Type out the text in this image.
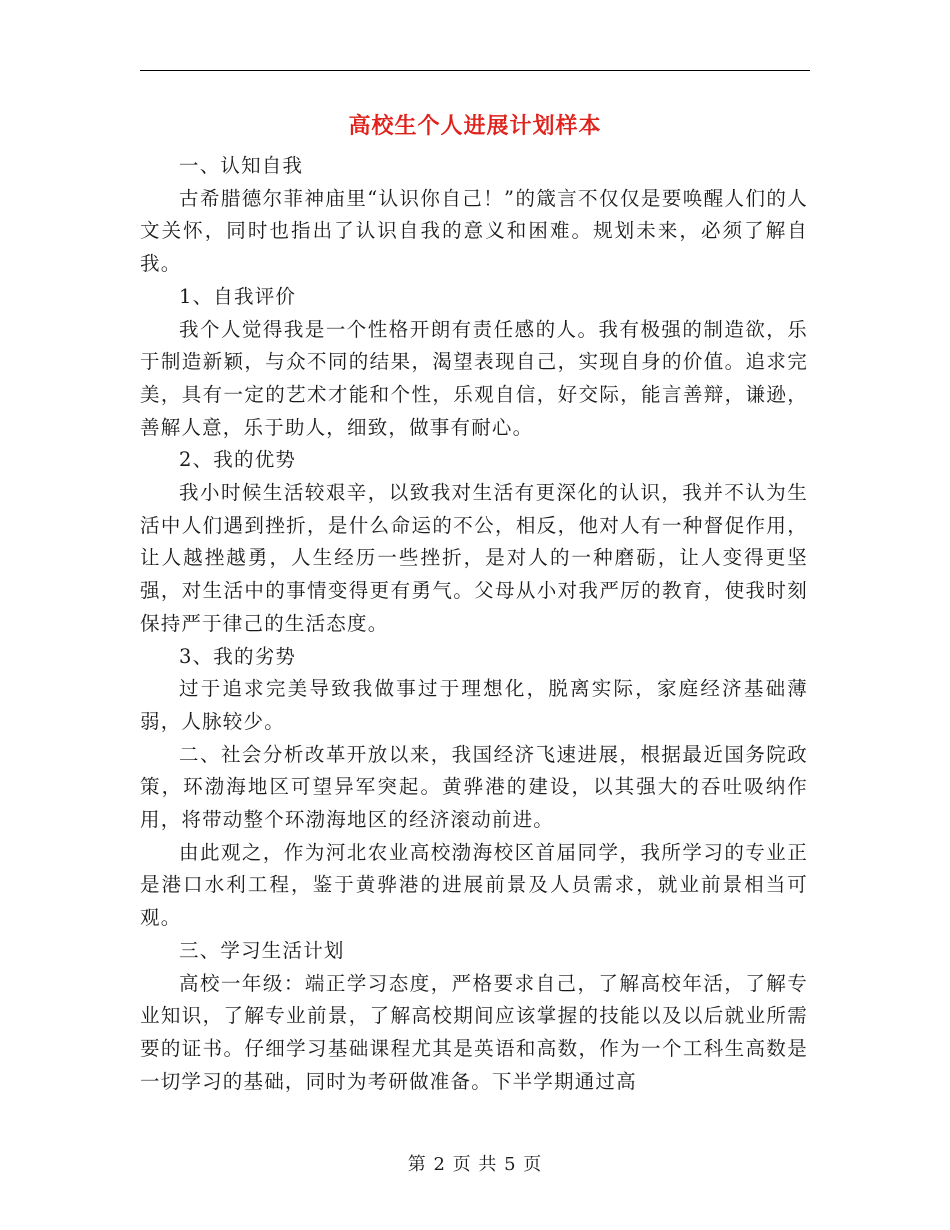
高校生个人进展计划样本

一、认知自我

古希腊德尔菲神庙里“认识你自己！”的箴言不仅仅是要唤醒人们的人文关怀，同时也指出了认识自我的意义和困难。规划未来，必须了解自我。

1、自我评价

我个人觉得我是一个性格开朗有责任感的人。我有极强的制造欲，乐于制造新颖，与众不同的结果，渴望表现自己，实现自身的价值。追求完美，具有一定的艺术才能和个性，乐观自信，好交际，能言善辩，谦逊，善解人意，乐于助人，细致，做事有耐心。

2、我的优势

我小时候生活较艰辛，以致我对生活有更深化的认识，我并不认为生活中人们遇到挫折，是什么命运的不公，相反，他对人有一种督促作用，让人越挫越勇，人生经历一些挫折，是对人的一种磨砺，让人变得更坚强，对生活中的事情变得更有勇气。父母从小对我严厉的教育，使我时刻保持严于律己的生活态度。

3、我的劣势

过于追求完美导致我做事过于理想化，脱离实际，家庭经济基础薄弱，人脉较少。

二、社会分析改革开放以来，我国经济飞速进展，根据最近国务院政策，环渤海地区可望异军突起。黄骅港的建设，以其强大的吞吐吸纳作用，将带动整个环渤海地区的经济滚动前进。

由此观之，作为河北农业高校渤海校区首届同学，我所学习的专业正是港口水利工程，鉴于黄骅港的进展前景及人员需求，就业前景相当可观。

三、学习生活计划

高校一年级：端正学习态度，严格要求自己，了解高校年活，了解专业知识，了解专业前景，了解高校期间应该掌握的技能以及以后就业所需要的证书。仔细学习基础课程尤其是英语和高数，作为一个工科生高数是一切学习的基础，同时为考研做准备。下半学期通过高

第 2 页 共 5 页
